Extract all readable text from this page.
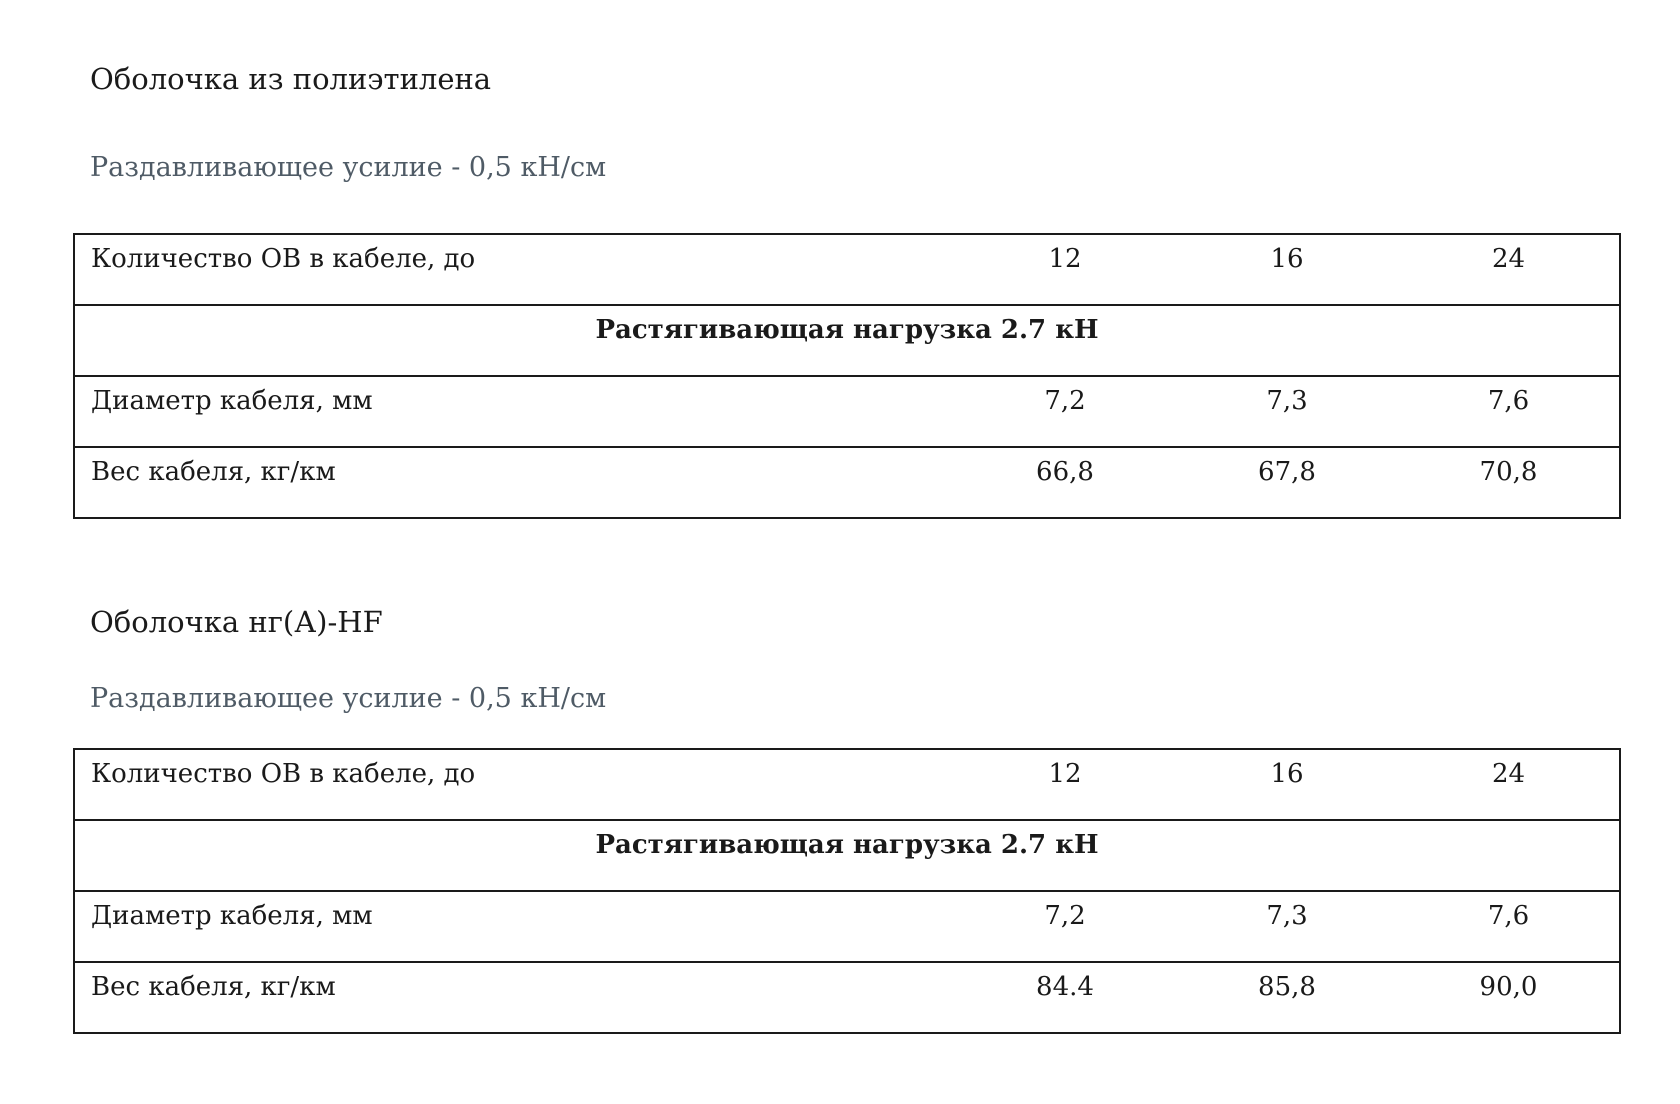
Оболочка из полиэтилена

Раздавливающее усилие - 0,5 кН/см

Количество ОВ в кабеле, до	12	16	24

Растягивающая нагрузка 2.7 кН			

Диаметр кабеля, мм	7,2	7,3	7,6

Вес кабеля, кг/км	66,8	67,8	70,8
Оболочка нг(А)-HF

Раздавливающее усилие - 0,5 кН/см

Количество ОВ в кабеле, до	12	16	24

Растягивающая нагрузка 2.7 кН			

Диаметр кабеля, мм	7,2	7,3	7,6

Вес кабеля, кг/км	84.4	85,8	90,0
